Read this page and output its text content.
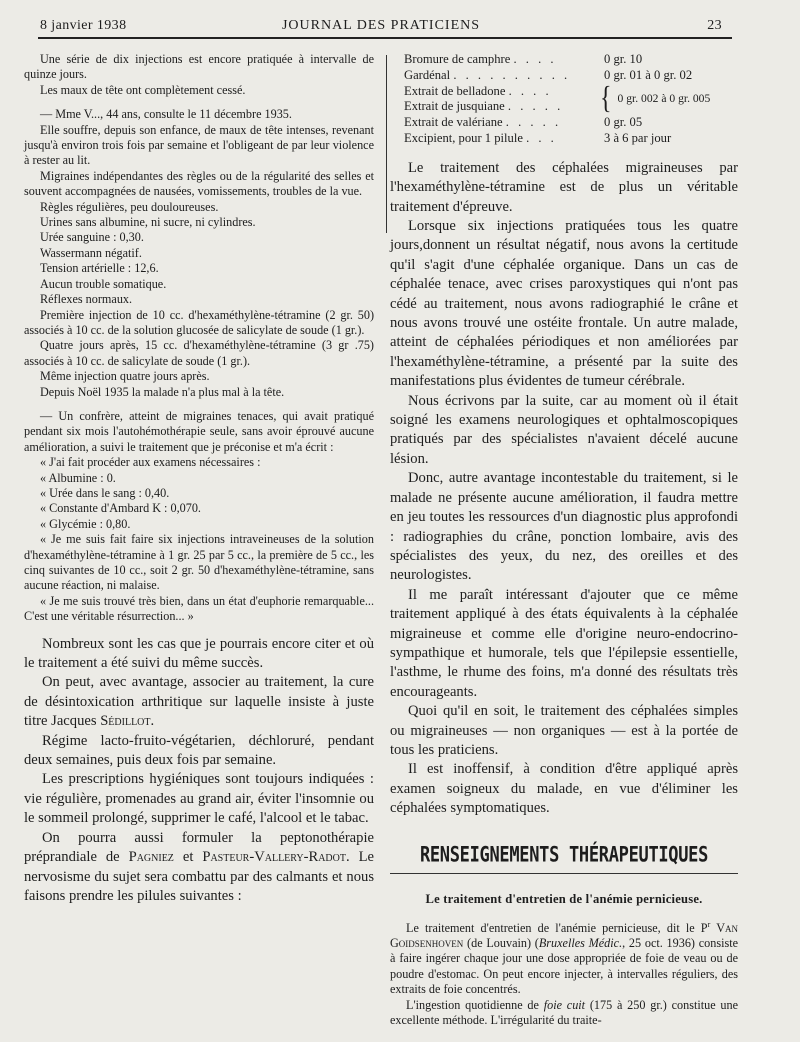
8 janvier 1938	JOURNAL DES PRATICIENS	23

Une série de dix injections est encore pratiquée à intervalle de quinze jours.

Les maux de tête ont complètement cessé.

— Mme V..., 44 ans, consulte le 11 décembre 1935.

Elle souffre, depuis son enfance, de maux de tête intenses, revenant jusqu'à environ trois fois par semaine et l'obligeant de par leur violence à rester au lit.

Migraines indépendantes des règles ou de la régularité des selles et souvent accompagnées de nausées, vomissements, troubles de la vue.

Règles régulières, peu douloureuses.

Urines sans albumine, ni sucre, ni cylindres.

Urée sanguine : 0,30.

Wassermann négatif.

Tension artérielle : 12,6.

Aucun trouble somatique.

Réflexes normaux.

Première injection de 10 cc. d'hexaméthylène-tétramine (2 gr. 50) associés à 10 cc. de la solution glucosée de salicylate de soude (1 gr.).

Quatre jours après, 15 cc. d'hexaméthylène-tétramine (3 gr .75) associés à 10 cc. de salicylate de soude (1 gr.).

Même injection quatre jours après.

Depuis Noël 1935 la malade n'a plus mal à la tête.

— Un confrère, atteint de migraines tenaces, qui avait pratiqué pendant six mois l'autohémothérapie seule, sans avoir éprouvé aucune amélioration, a suivi le traitement que je préconise et m'a écrit :

« J'ai fait procéder aux examens nécessaires :

« Albumine : 0.

« Urée dans le sang : 0,40.

« Constante d'Ambard K : 0,070.

« Glycémie : 0,80.

« Je me suis fait faire six injections intraveineuses de la solution d'hexaméthylène-tétramine à 1 gr. 25 par 5 cc., la première de 5 cc., les cinq suivantes de 10 cc., soit 2 gr. 50 d'hexaméthylène-tétramine, sans aucune réaction, ni malaise.

« Je me suis trouvé très bien, dans un état d'euphorie remarquable... C'est une véritable résurrection... »

Nombreux sont les cas que je pourrais encore citer et où le traitement a été suivi du même succès.

On peut, avec avantage, associer au traitement, la cure de désintoxication arthritique sur laquelle insiste à juste titre Jacques Sédillot.

Régime lacto-fruito-végétarien, déchloruré, pendant deux semaines, puis deux fois par semaine.

Les prescriptions hygiéniques sont toujours indiquées : vie régulière, promenades au grand air, éviter l'insomnie ou le sommeil prolongé, supprimer le café, l'alcool et le tabac.

On pourra aussi formuler la peptonothérapie préprandiale de Pagniez et Pasteur-Vallery-Radot. Le nervosisme du sujet sera combattu par des calmants et nous faisons prendre les pilules suivantes :

Bromure de camphre . . . .	0 gr. 10
Gardénal . . . . . . . . . .	0 gr. 01 à 0 gr. 02
Extrait de belladone . . . .
Extrait de jusquiane . . . . .	{ 0 gr. 002 à 0 gr. 005
Extrait de valériane . . . . .	0 gr. 05
Excipient, pour 1 pilule . . .	3 à 6 par jour

Le traitement des céphalées migraineuses par l'hexaméthylène-tétramine est de plus un véritable traitement d'épreuve.

Lorsque six injections pratiquées tous les quatre jours,donnent un résultat négatif, nous avons la certitude qu'il s'agit d'une céphalée organique. Dans un cas de céphalée tenace, avec crises paroxystiques qui n'ont pas cédé au traitement, nous avons radiographié le crâne et nous avons trouvé une ostéite frontale. Un autre malade, atteint de céphalées périodiques et non améliorées par l'hexaméthylène-tétramine, a présenté par la suite des manifestations plus évidentes de tumeur cérébrale.

Nous écrivons par la suite, car au moment où il était soigné les examens neurologiques et ophtalmoscopiques pratiqués par des spécialistes n'avaient décelé aucune lésion.

Donc, autre avantage incontestable du traitement, si le malade ne présente aucune amélioration, il faudra mettre en jeu toutes les ressources d'un diagnostic plus approfondi : radiographies du crâne, ponction lombaire, avis des spécialistes des yeux, du nez, des oreilles et des neurologistes.

Il me paraît intéressant d'ajouter que ce même traitement appliqué à des états équivalents à la céphalée migraineuse et comme elle d'origine neuro-endocrino-sympathique et humorale, tels que l'épilepsie essentielle, l'asthme, le rhume des foins, m'a donné des résultats très encourageants.

Quoi qu'il en soit, le traitement des céphalées simples ou migraineuses — non organiques — est à la portée de tous les praticiens.

Il est inoffensif, à condition d'être appliqué après examen soigneux du malade, en vue d'éliminer les céphalées symptomatiques.

RENSEIGNEMENTS THÉRAPEUTIQUES
Le traitement d'entretien de l'anémie pernicieuse.

Le traitement d'entretien de l'anémie pernicieuse, dit le $P^r$ Van Goidsenhoven (de Louvain) (Bruxelles Médic., 25 oct. 1936) consiste à faire ingérer chaque jour une dose appropriée de foie de veau ou de poudre d'estomac. On peut encore injecter, à intervalles réguliers, des extraits de foie concentrés.

L'ingestion quotidienne de foie cuit (175 à 250 gr.) constitue une excellente méthode. L'irrégularité du traite-
